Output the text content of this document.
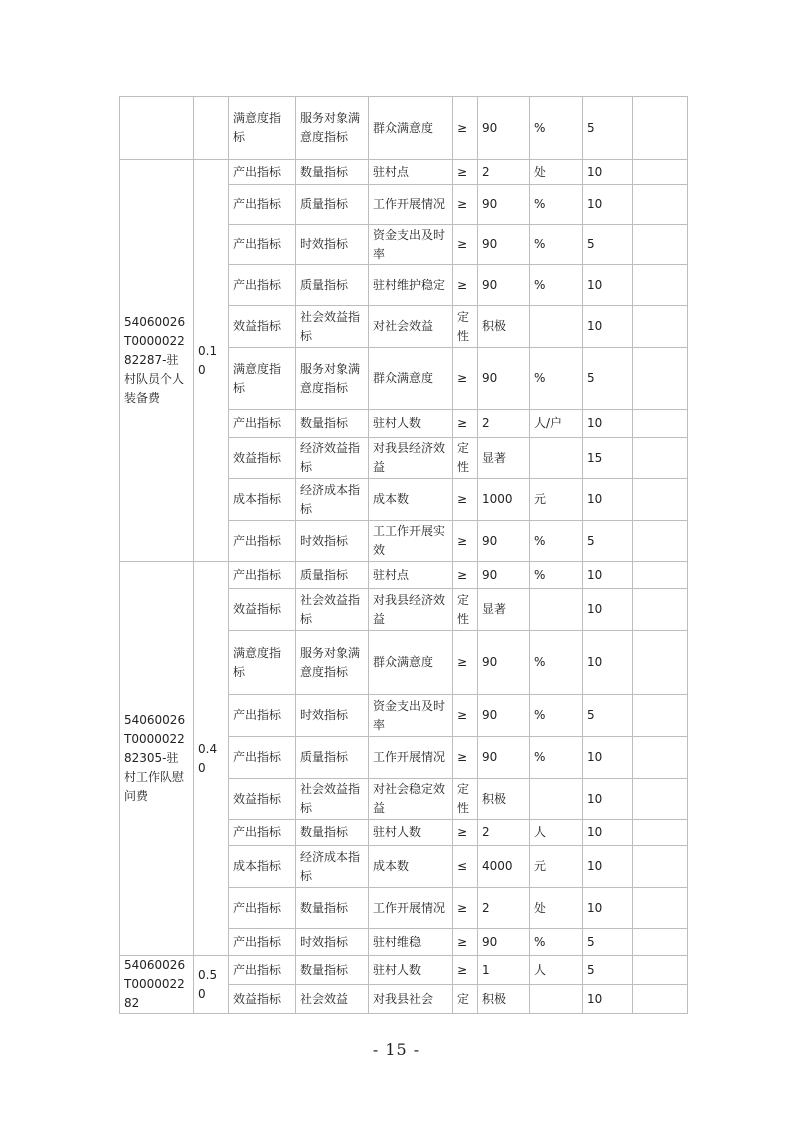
		满意度指标	服务对象满意度指标	群众满意度	≥	90	%	5	
54060026T000002282287-驻村队员个人装备费	0.10	产出指标	数量指标	驻村点	≥	2	处	10	
		产出指标	质量指标	工作开展情况	≥	90	%	10	
		产出指标	时效指标	资金支出及时率	≥	90	%	5	
		产出指标	质量指标	驻村维护稳定	≥	90	%	10	
		效益指标	社会效益指标	对社会效益	定性	积极		10	
		满意度指标	服务对象满意度指标	群众满意度	≥	90	%	5	
		产出指标	数量指标	驻村人数	≥	2	人/户	10	
		效益指标	经济效益指标	对我县经济效益	定性	显著		15	
		成本指标	经济成本指标	成本数	≥	1000	元	10	
		产出指标	时效指标	工工作开展实效	≥	90	%	5	
54060026T000002282305-驻村工作队慰问费	0.40	产出指标	质量指标	驻村点	≥	90	%	10	
		效益指标	社会效益指标	对我县经济效益	定性	显著		10	
		满意度指标	服务对象满意度指标	群众满意度	≥	90	%	10	
		产出指标	时效指标	资金支出及时率	≥	90	%	5	
		产出指标	质量指标	工作开展情况	≥	90	%	10	
		效益指标	社会效益指标	对社会稳定效益	定性	积极		10	
		产出指标	数量指标	驻村人数	≥	2	人	10	
		成本指标	经济成本指标	成本数	≤	4000	元	10	
		产出指标	数量指标	工作开展情况	≥	2	处	10	
		产出指标	时效指标	驻村维稳	≥	90	%	5	
54060026T000002282	0.50	产出指标	数量指标	驻村人数	≥	1	人	5	
		效益指标	社会效益	对我县社会	定	积极		10	
- 15 -
